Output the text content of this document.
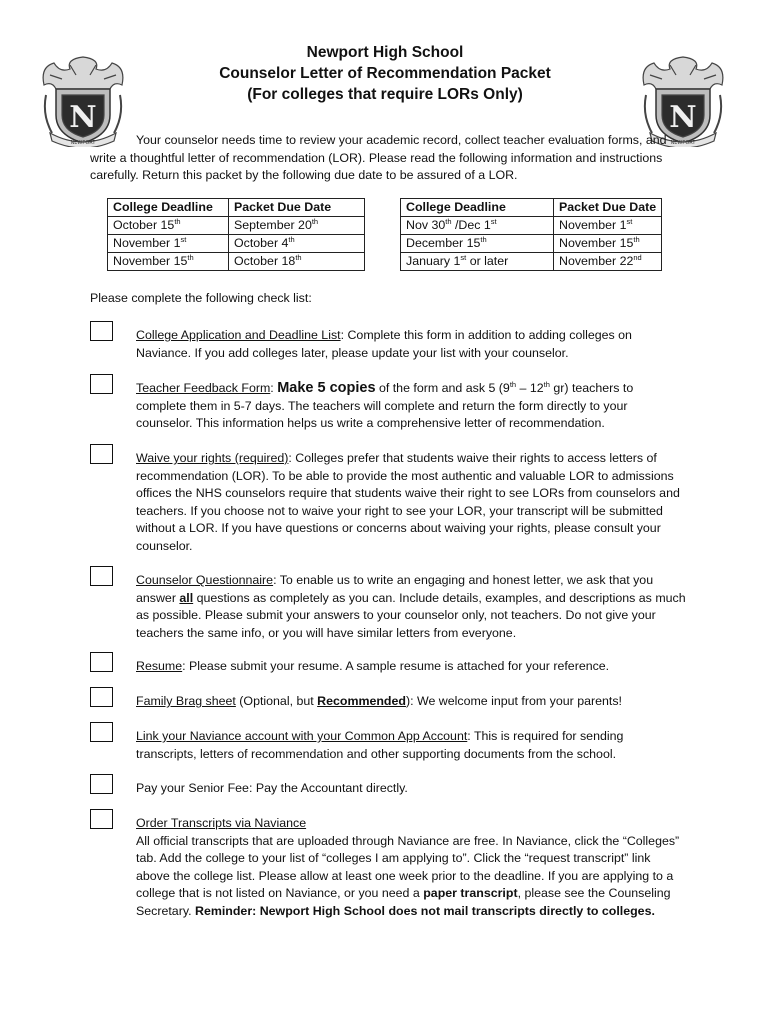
N
NEWPORT
N
NEWPORT
Newport High School
Counselor Letter of Recommendation Packet
(For colleges that require LORs Only)
Your counselor needs time to review your academic record, collect teacher evaluation forms, and write a thoughtful letter of recommendation (LOR). Please read the following information and instructions carefully. Return this packet by the following due date to be assured of a LOR.
College Deadline	Packet Due Date
October 15th	September 20th
November 1st	October 4th
November 15th	October 18th
College Deadline	Packet Due Date
Nov 30th /Dec 1st	November 1st
December 15th	November 15th
January 1st or later	November 22nd
Please complete the following check list:
College Application and Deadline List: Complete this form in addition to adding colleges on Naviance. If you add colleges later, please update your list with your counselor.
Teacher Feedback Form: Make 5 copies of the form and ask 5 (9th – 12th gr) teachers to complete them in 5-7 days. The teachers will complete and return the form directly to your counselor. This information helps us write a comprehensive letter of recommendation.
Waive your rights (required): Colleges prefer that students waive their rights to access letters of recommendation (LOR). To be able to provide the most authentic and valuable LOR to admissions offices the NHS counselors require that students waive their right to see LORs from counselors and teachers. If you choose not to waive your right to see your LOR, your transcript will be submitted without a LOR. If you have questions or concerns about waiving your rights, please consult your counselor.
Counselor Questionnaire: To enable us to write an engaging and honest letter, we ask that you answer all questions as completely as you can. Include details, examples, and descriptions as much as possible. Please submit your answers to your counselor only, not teachers. Do not give your teachers the same info, or you will have similar letters from everyone.
Resume: Please submit your resume. A sample resume is attached for your reference.
Family Brag sheet (Optional, but Recommended): We welcome input from your parents!
Link your Naviance account with your Common App Account: This is required for sending transcripts, letters of recommendation and other supporting documents from the school.
Pay your Senior Fee: Pay the Accountant directly.
Order Transcripts via Naviance
All official transcripts that are uploaded through Naviance are free. In Naviance, click the “Colleges” tab. Add the college to your list of “colleges I am applying to”. Click the “request transcript” link above the college list. Please allow at least one week prior to the deadline. If you are applying to a college that is not listed on Naviance, or you need a paper transcript, please see the Counseling Secretary. Reminder: Newport High School does not mail transcripts directly to colleges.
